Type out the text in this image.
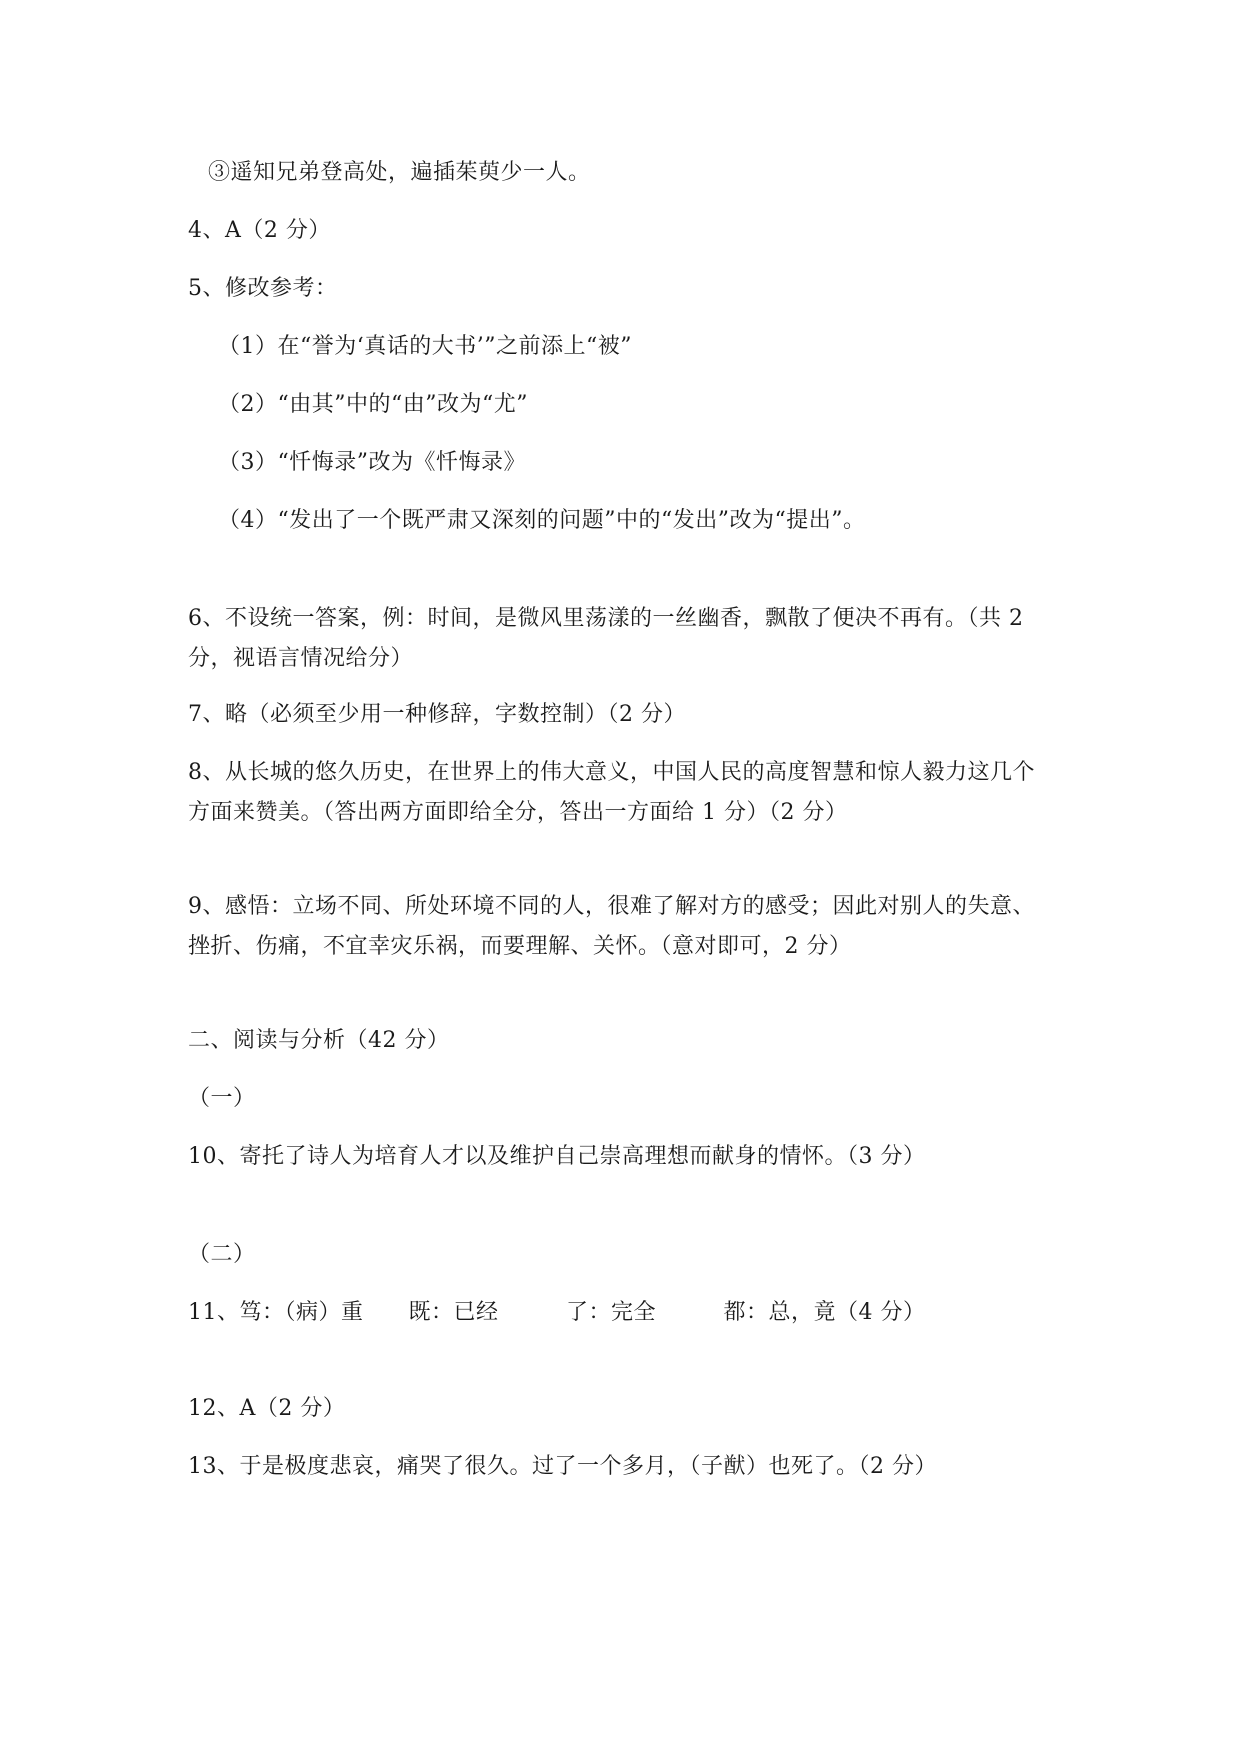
③遥知兄弟登高处，遍插茱萸少一人。
4、A（2 分）
5、修改参考：
（1）在“誉为‘真话的大书’”之前添上“被”
（2）“由其”中的“由”改为“尤”
（3）“忏悔录”改为《忏悔录》
（4）“发出了一个既严肃又深刻的问题”中的“发出”改为“提出”。
6、不设统一答案，例：时间，是微风里荡漾的一丝幽香，飘散了便决不再有。（共 2
分，视语言情况给分）
7、略（必须至少用一种修辞，字数控制）（2 分）
8、从长城的悠久历史，在世界上的伟大意义，中国人民的高度智慧和惊人毅力这几个
方面来赞美。（答出两方面即给全分，答出一方面给 1 分）（2 分）
9、感悟：立场不同、所处环境不同的人，很难了解对方的感受；因此对别人的失意、
挫折、伤痛，不宜幸灾乐祸，而要理解、关怀。（意对即可，2 分）
二、阅读与分析（42 分）
（一）
10、寄托了诗人为培育人才以及维护自己崇高理想而献身的情怀。（3 分）
（二）
11、笃：（病）重　　既：已经　　　了：完全　　　都：总，竟（4 分）
12、A（2 分）
13、于是极度悲哀，痛哭了很久。过了一个多月，（子猷）也死了。（2 分）
